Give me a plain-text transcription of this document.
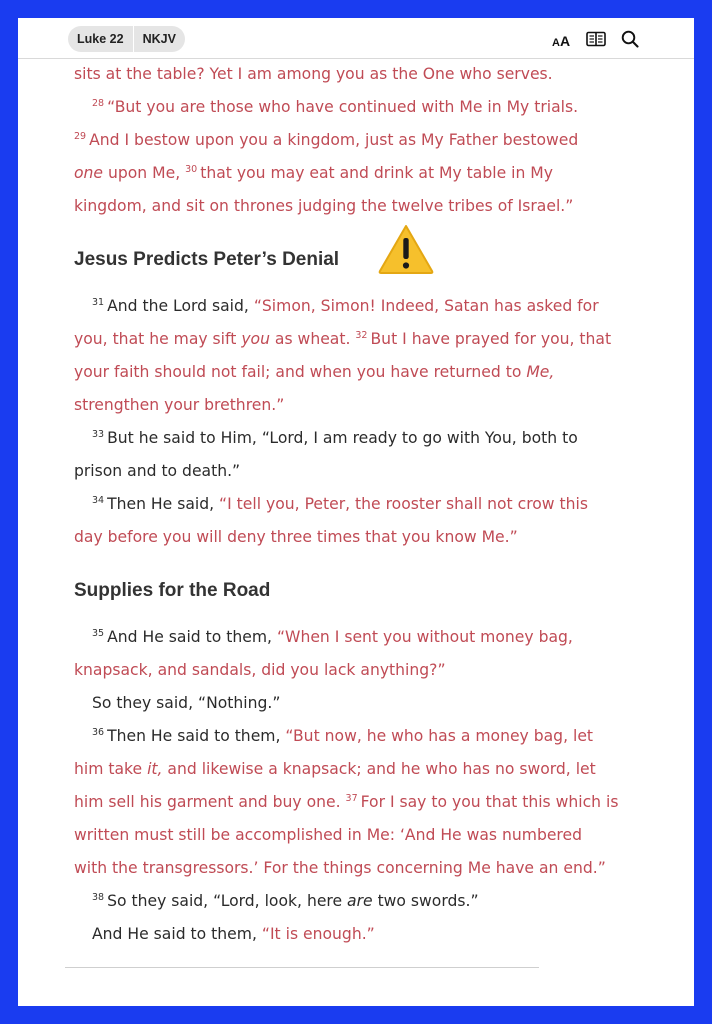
Luke 22	NKJV	AA
sits at the table? Yet I am among you as the One who serves.
$^{28}$ “But you are those who have continued with Me in My trials.
$^{29}$ And I bestow upon you a kingdom, just as My Father bestowed
one upon Me, $^{30}$ that you may eat and drink at My table in My
kingdom, and sit on thrones judging the twelve tribes of Israel.”
Jesus Predicts Peter’s Denial
$^{31}$ And the Lord said, “Simon, Simon! Indeed, Satan has asked for
you, that he may sift you as wheat. $^{32}$ But I have prayed for you, that
your faith should not fail; and when you have returned to Me,
strengthen your brethren.”
$^{33}$ But he said to Him, “Lord, I am ready to go with You, both to
prison and to death.”
$^{34}$ Then He said, “I tell you, Peter, the rooster shall not crow this
day before you will deny three times that you know Me.”
Supplies for the Road
$^{35}$ And He said to them, “When I sent you without money bag,
knapsack, and sandals, did you lack anything?”
So they said, “Nothing.”
$^{36}$ Then He said to them, “But now, he who has a money bag, let
him take it, and likewise a knapsack; and he who has no sword, let
him sell his garment and buy one. $^{37}$ For I say to you that this which is
written must still be accomplished in Me: ‘And He was numbered
with the transgressors.’ For the things concerning Me have an end.”
$^{38}$ So they said, “Lord, look, here are two swords.”
And He said to them, “It is enough.”
